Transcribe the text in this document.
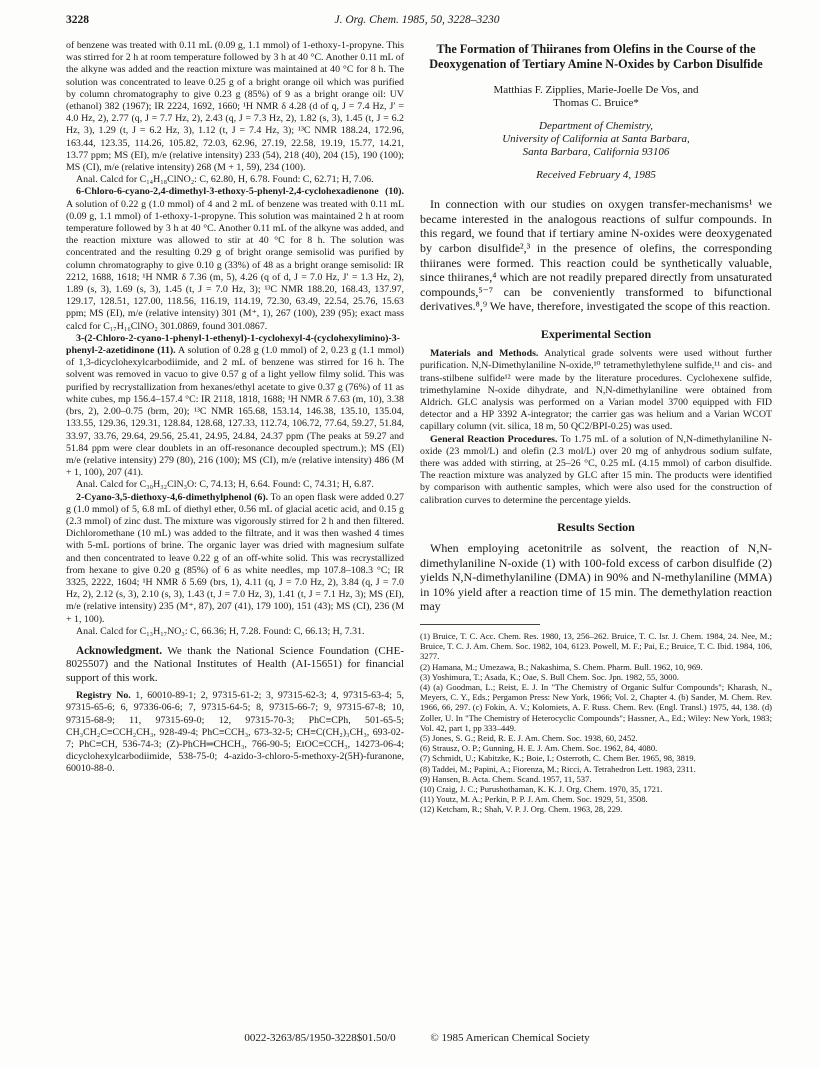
3228	J. Org. Chem. 1985, 50, 3228–3230

of benzene was treated with 0.11 mL (0.09 g, 1.1 mmol) of 1-ethoxy-1-propyne. This was stirred for 2 h at room temperature followed by 3 h at 40 °C. Another 0.11 mL of the alkyne was added and the reaction mixture was maintained at 40 °C for 8 h. The solution was concentrated to leave 0.25 g of a bright orange oil which was purified by column chromatography to give 0.23 g (85%) of 9 as a bright orange oil: UV (ethanol) 382 (1967); IR 2224, 1692, 1660; ¹H NMR δ 4.28 (d of q, J = 7.4 Hz, J′ = 4.0 Hz, 2), 2.77 (q, J = 7.7 Hz, 2), 2.43 (q, J = 7.3 Hz, 2), 1.82 (s, 3), 1.45 (t, J = 6.2 Hz, 3), 1.29 (t, J = 6.2 Hz, 3), 1.12 (t, J = 7.4 Hz, 3); ¹³C NMR 188.24, 172.96, 163.44, 123.35, 114.26, 105.82, 72.03, 62.96, 27.19, 22.58, 19.19, 15.77, 14.21, 13.77 ppm; MS (EI), m/e (relative intensity) 233 (54), 218 (40), 204 (15), 190 (100); MS (CI), m/e (relative intensity) 268 (M + 1, 59), 234 (100).

Anal. Calcd for C₁₄H₁₈ClNO₂: C, 62.80, H, 6.78. Found: C, 62.71; H, 7.06.

6-Chloro-6-cyano-2,4-dimethyl-3-ethoxy-5-phenyl-2,4-cyclohexadienone (10). A solution of 0.22 g (1.0 mmol) of 4 and 2 mL of benzene was treated with 0.11 mL (0.09 g, 1.1 mmol) of 1-ethoxy-1-propyne. This solution was maintained 2 h at room temperature followed by 3 h at 40 °C. Another 0.11 mL of the alkyne was added, and the reaction mixture was allowed to stir at 40 °C for 8 h. The solution was concentrated and the resulting 0.29 g of bright orange semisolid was purified by column chromatography to give 0.10 g (33%) of 48 as a bright orange semisolid: IR 2212, 1688, 1618; ¹H NMR δ 7.36 (m, 5), 4.26 (q of d, J = 7.0 Hz, J′ = 1.3 Hz, 2), 1.89 (s, 3), 1.69 (s, 3), 1.45 (t, J = 7.0 Hz, 3); ¹³C NMR 188.20, 168.43, 137.97, 129.17, 128.51, 127.00, 118.56, 116.19, 114.19, 72.30, 63.49, 22.54, 25.76, 15.63 ppm; MS (EI), m/e (relative intensity) 301 (M⁺, 1), 267 (100), 239 (95); exact mass calcd for C₁₇H₁₆ClNO₂ 301.0869, found 301.0867.

3-(2-Chloro-2-cyano-1-phenyl-1-ethenyl)-1-cyclohexyl-4-(cyclohexylimino)-3-phenyl-2-azetidinone (11). A solution of 0.28 g (1.0 mmol) of 2, 0.23 g (1.1 mmol) of 1,3-dicyclohexylcarbodiimide, and 2 mL of benzene was stirred for 16 h. The solvent was removed in vacuo to give 0.57 g of a light yellow filmy solid. This was purified by recrystallization from hexanes/ethyl acetate to give 0.37 g (76%) of 11 as white cubes, mp 156.4–157.4 °C: IR 2118, 1818, 1688; ¹H NMR δ 7.63 (m, 10), 3.38 (brs, 2), 2.00–0.75 (brm, 20); ¹³C NMR 165.68, 153.14, 146.38, 135.10, 135.04, 133.55, 129.36, 129.31, 128.84, 128.68, 127.33, 112.74, 106.72, 77.64, 59.27, 51.84, 33.97, 33.76, 29.64, 29.56, 25.41, 24.95, 24.84, 24.37 ppm (The peaks at 59.27 and 51.84 ppm were clear doublets in an off-resonance decoupled spectrum.); MS (EI) m/e (relative intensity) 279 (80), 216 (100); MS (CI), m/e (relative intensity) 486 (M + 1, 100), 207 (41).

Anal. Calcd for C₃₀H₃₂ClN₃O: C, 74.13; H, 6.64. Found: C, 74.31; H, 6.87.

2-Cyano-3,5-diethoxy-4,6-dimethylphenol (6). To an open flask were added 0.27 g (1.0 mmol) of 5, 6.8 mL of diethyl ether, 0.56 mL of glacial acetic acid, and 0.15 g (2.3 mmol) of zinc dust. The mixture was vigorously stirred for 2 h and then filtered. Dichloromethane (10 mL) was added to the filtrate, and it was then washed 4 times with 5-mL portions of brine. The organic layer was dried with magnesium sulfate and then concentrated to leave 0.22 g of an off-white solid. This was recrystallized from hexane to give 0.20 g (85%) of 6 as white needles, mp 107.8–108.3 °C; IR 3325, 2222, 1604; ¹H NMR δ 5.69 (brs, 1), 4.11 (q, J = 7.0 Hz, 2), 3.84 (q, J = 7.0 Hz, 2), 2.12 (s, 3), 2.10 (s, 3), 1.43 (t, J = 7.0 Hz, 3), 1.41 (t, J = 7.1 Hz, 3); MS (EI), m/e (relative intensity) 235 (M⁺, 87), 207 (41), 179 100), 151 (43); MS (CI), 236 (M + 1, 100).

Anal. Calcd for C₁₃H₁₇NO₃: C, 66.36; H, 7.28. Found: C, 66.13; H, 7.31.

Acknowledgment. We thank the National Science Foundation (CHE-8025507) and the National Institutes of Health (AI-15651) for financial support of this work.

Registry No. 1, 60010-89-1; 2, 97315-61-2; 3, 97315-62-3; 4, 97315-63-4; 5, 97315-65-6; 6, 97336-06-6; 7, 97315-64-5; 8, 97315-66-7; 9, 97315-67-8; 10, 97315-68-9; 11, 97315-69-0; 12, 97315-70-3; PhC≡CPh, 501-65-5; CH₃CH₂C≡CCH₂CH₃, 928-49-4; PhC≡CCH₃, 673-32-5; CH≡C(CH₂)₃CH₃, 693-02-7; PhC≡CH, 536-74-3; (Z)-PhCH═CHCH₃, 766-90-5; EtOC≡CCH₃, 14273-06-4; dicyclohexylcarbodiimide, 538-75-0; 4-azido-3-chloro-5-methoxy-2(5H)-furanone, 60010-88-0.

The Formation of Thiiranes from Olefins in the Course of the Deoxygenation of Tertiary Amine N-Oxides by Carbon Disulfide
Matthias F. Zipplies, Marie-Joelle De Vos, and
Thomas C. Bruice*
Department of Chemistry,
University of California at Santa Barbara,
Santa Barbara, California 93106
Received February 4, 1985

In connection with our studies on oxygen transfer-mechanisms¹ we became interested in the analogous reactions of sulfur compounds. In this regard, we found that if tertiary amine N-oxides were deoxygenated by carbon disulfide²,³ in the presence of olefins, the corresponding thiiranes were formed. This reaction could be synthetically valuable, since thiiranes,⁴ which are not readily prepared directly from unsaturated compounds,⁵⁻⁷ can be conveniently transformed to bifunctional derivatives.⁸,⁹ We have, therefore, investigated the scope of this reaction.

Experimental Section

Materials and Methods. Analytical grade solvents were used without further purification. N,N-Dimethylaniline N-oxide,¹⁰ tetramethylethylene sulfide,¹¹ and cis- and trans-stilbene sulfide¹² were made by the literature procedures. Cyclohexene sulfide, trimethylamine N-oxide dihydrate, and N,N-dimethylaniline were obtained from Aldrich. GLC analysis was performed on a Varian model 3700 equipped with FID detector and a HP 3392 A-integrator; the carrier gas was helium and a Varian WCOT capillary column (vit. silica, 18 m, 50 QC2/BPI-0.25) was used.

General Reaction Procedures. To 1.75 mL of a solution of N,N-dimethylaniline N-oxide (23 mmol/L) and olefin (2.3 mol/L) over 20 mg of anhydrous sodium sulfate, there was added with stirring, at 25–26 °C, 0.25 mL (4.15 mmol) of carbon disulfide. The reaction mixture was analyzed by GLC after 15 min. The products were identified by comparison with authentic samples, which were also used for the construction of calibration curves to determine the percentage yields.

Results Section

When employing acetonitrile as solvent, the reaction of N,N-dimethylaniline N-oxide (1) with 100-fold excess of carbon disulfide (2) yields N,N-dimethylaniline (DMA) in 90% and N-methylaniline (MMA) in 10% yield after a reaction time of 15 min. The demethylation reaction may

(1) Bruice, T. C. Acc. Chem. Res. 1980, 13, 256–262. Bruice, T. C. Isr. J. Chem. 1984, 24. Nee, M.; Bruice, T. C. J. Am. Chem. Soc. 1982, 104, 6123. Powell, M. F.; Pai, E.; Bruice, T. C. Ibid. 1984, 106, 3277.
(2) Hamana, M.; Umezawa, B.; Nakashima, S. Chem. Pharm. Bull. 1962, 10, 969.
(3) Yoshimura, T.; Asada, K.; Oae, S. Bull Chem. Soc. Jpn. 1982, 55, 3000.
(4) (a) Goodman, L.; Reist, E. J. In "The Chemistry of Organic Sulfur Compounds"; Kharash, N., Meyers, C. Y., Eds.; Pergamon Press: New York, 1966; Vol. 2, Chapter 4. (b) Sander, M. Chem. Rev. 1966, 66, 297. (c) Fokin, A. V.; Kolomiets, A. F. Russ. Chem. Rev. (Engl. Transl.) 1975, 44, 138. (d) Zoller, U. In "The Chemistry of Heterocyclic Compounds"; Hassner, A., Ed.; Wiley: New York, 1983; Vol. 42, part 1, pp 333–449.
(5) Jones, S. G.; Reid, R. E. J. Am. Chem. Soc. 1938, 60, 2452.
(6) Strausz, O. P.; Gunning, H. E. J. Am. Chem. Soc. 1962, 84, 4080.
(7) Schmidt, U.; Kabitzke, K.; Boie, I.; Osterroth, C. Chem Ber. 1965, 98, 3819.
(8) Taddei, M.; Papini, A.; Fiorenza, M.; Ricci, A. Tetrahedron Lett. 1983, 2311.
(9) Hansen, B. Acta. Chem. Scand. 1957, 11, 537.
(10) Craig, J. C.; Purushothaman, K. K. J. Org. Chem. 1970, 35, 1721.
(11) Youtz, M. A.; Perkin, P. P. J. Am. Chem. Soc. 1929, 51, 3508.
(12) Ketcham, R.; Shah, V. P. J. Org. Chem. 1963, 28, 229.
0022-3263/85/1950-3228$01.50/0	© 1985 American Chemical Society
